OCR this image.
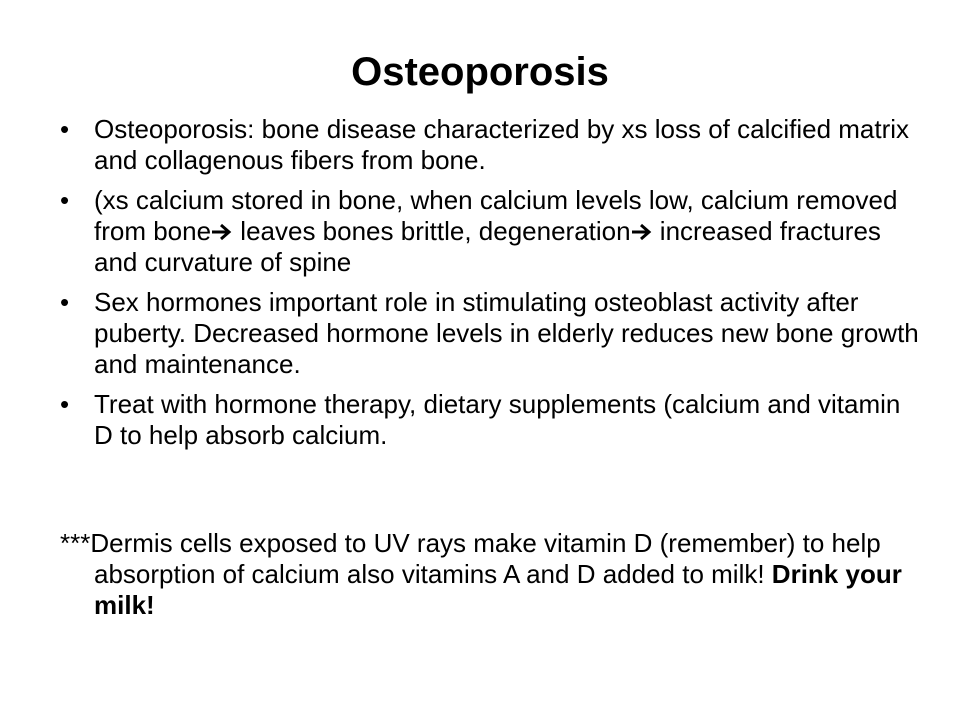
Osteoporosis
• Osteoporosis: bone disease characterized by xs loss of calcified matrix and collagenous fibers from bone.
• (xs calcium stored in bone, when calcium levels low, calcium removed from bone leaves bones brittle, degeneration increased fractures and curvature of spine
• Sex hormones important role in stimulating osteoblast activity after puberty. Decreased hormone levels in elderly reduces new bone growth and maintenance.
• Treat with hormone therapy, dietary supplements (calcium and vitamin D to help absorb calcium.
***Dermis cells exposed to UV rays make vitamin D (remember) to help absorption of calcium also vitamins A and D added to milk! Drink your milk!
